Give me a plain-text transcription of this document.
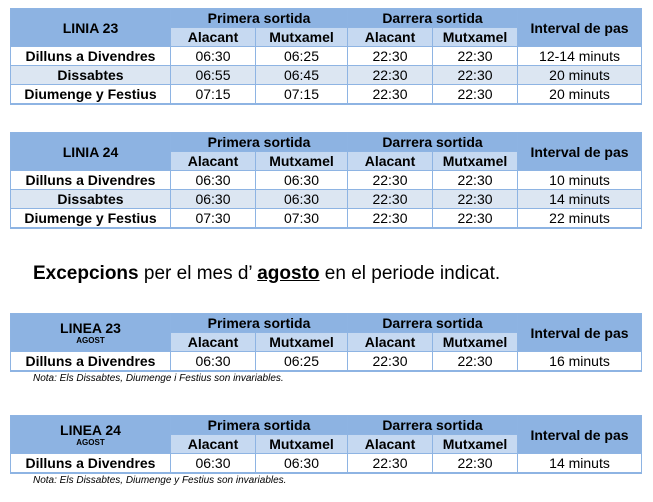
LINIA 23	Primera sortida		Darrera sortida		Interval de pas
	Alacant	Mutxamel	Alacant	Mutxamel	
Dilluns a Divendres	06:30	06:25	22:30	22:30	12-14 minuts
Dissabtes	06:55	06:45	22:30	22:30	20 minuts
Diumenge y Festius	07:15	07:15	22:30	22:30	20 minuts
LINIA 24	Primera sortida		Darrera sortida		Interval de pas
	Alacant	Mutxamel	Alacant	Mutxamel	
Dilluns a Divendres	06:30	06:30	22:30	22:30	10 minuts
Dissabtes	06:30	06:30	22:30	22:30	14 minuts
Diumenge y Festius	07:30	07:30	22:30	22:30	22 minuts
Excepcions per el mes d’ agosto en el periode indicat.
LINEA 23
AGOST	Primera sortida		Darrera sortida		Interval de pas
	Alacant	Mutxamel	Alacant	Mutxamel	
Dilluns a Divendres	06:30	06:25	22:30	22:30	16 minuts
Nota: Els Dissabtes, Diumenge i Festius son invariables.
LINEA 24
AGOST	Primera sortida		Darrera sortida		Interval de pas
	Alacant	Mutxamel	Alacant	Mutxamel	
Dilluns a Divendres	06:30	06:30	22:30	22:30	14 minuts
Nota: Els Dissabtes, Diumenge y Festius son invariables.
